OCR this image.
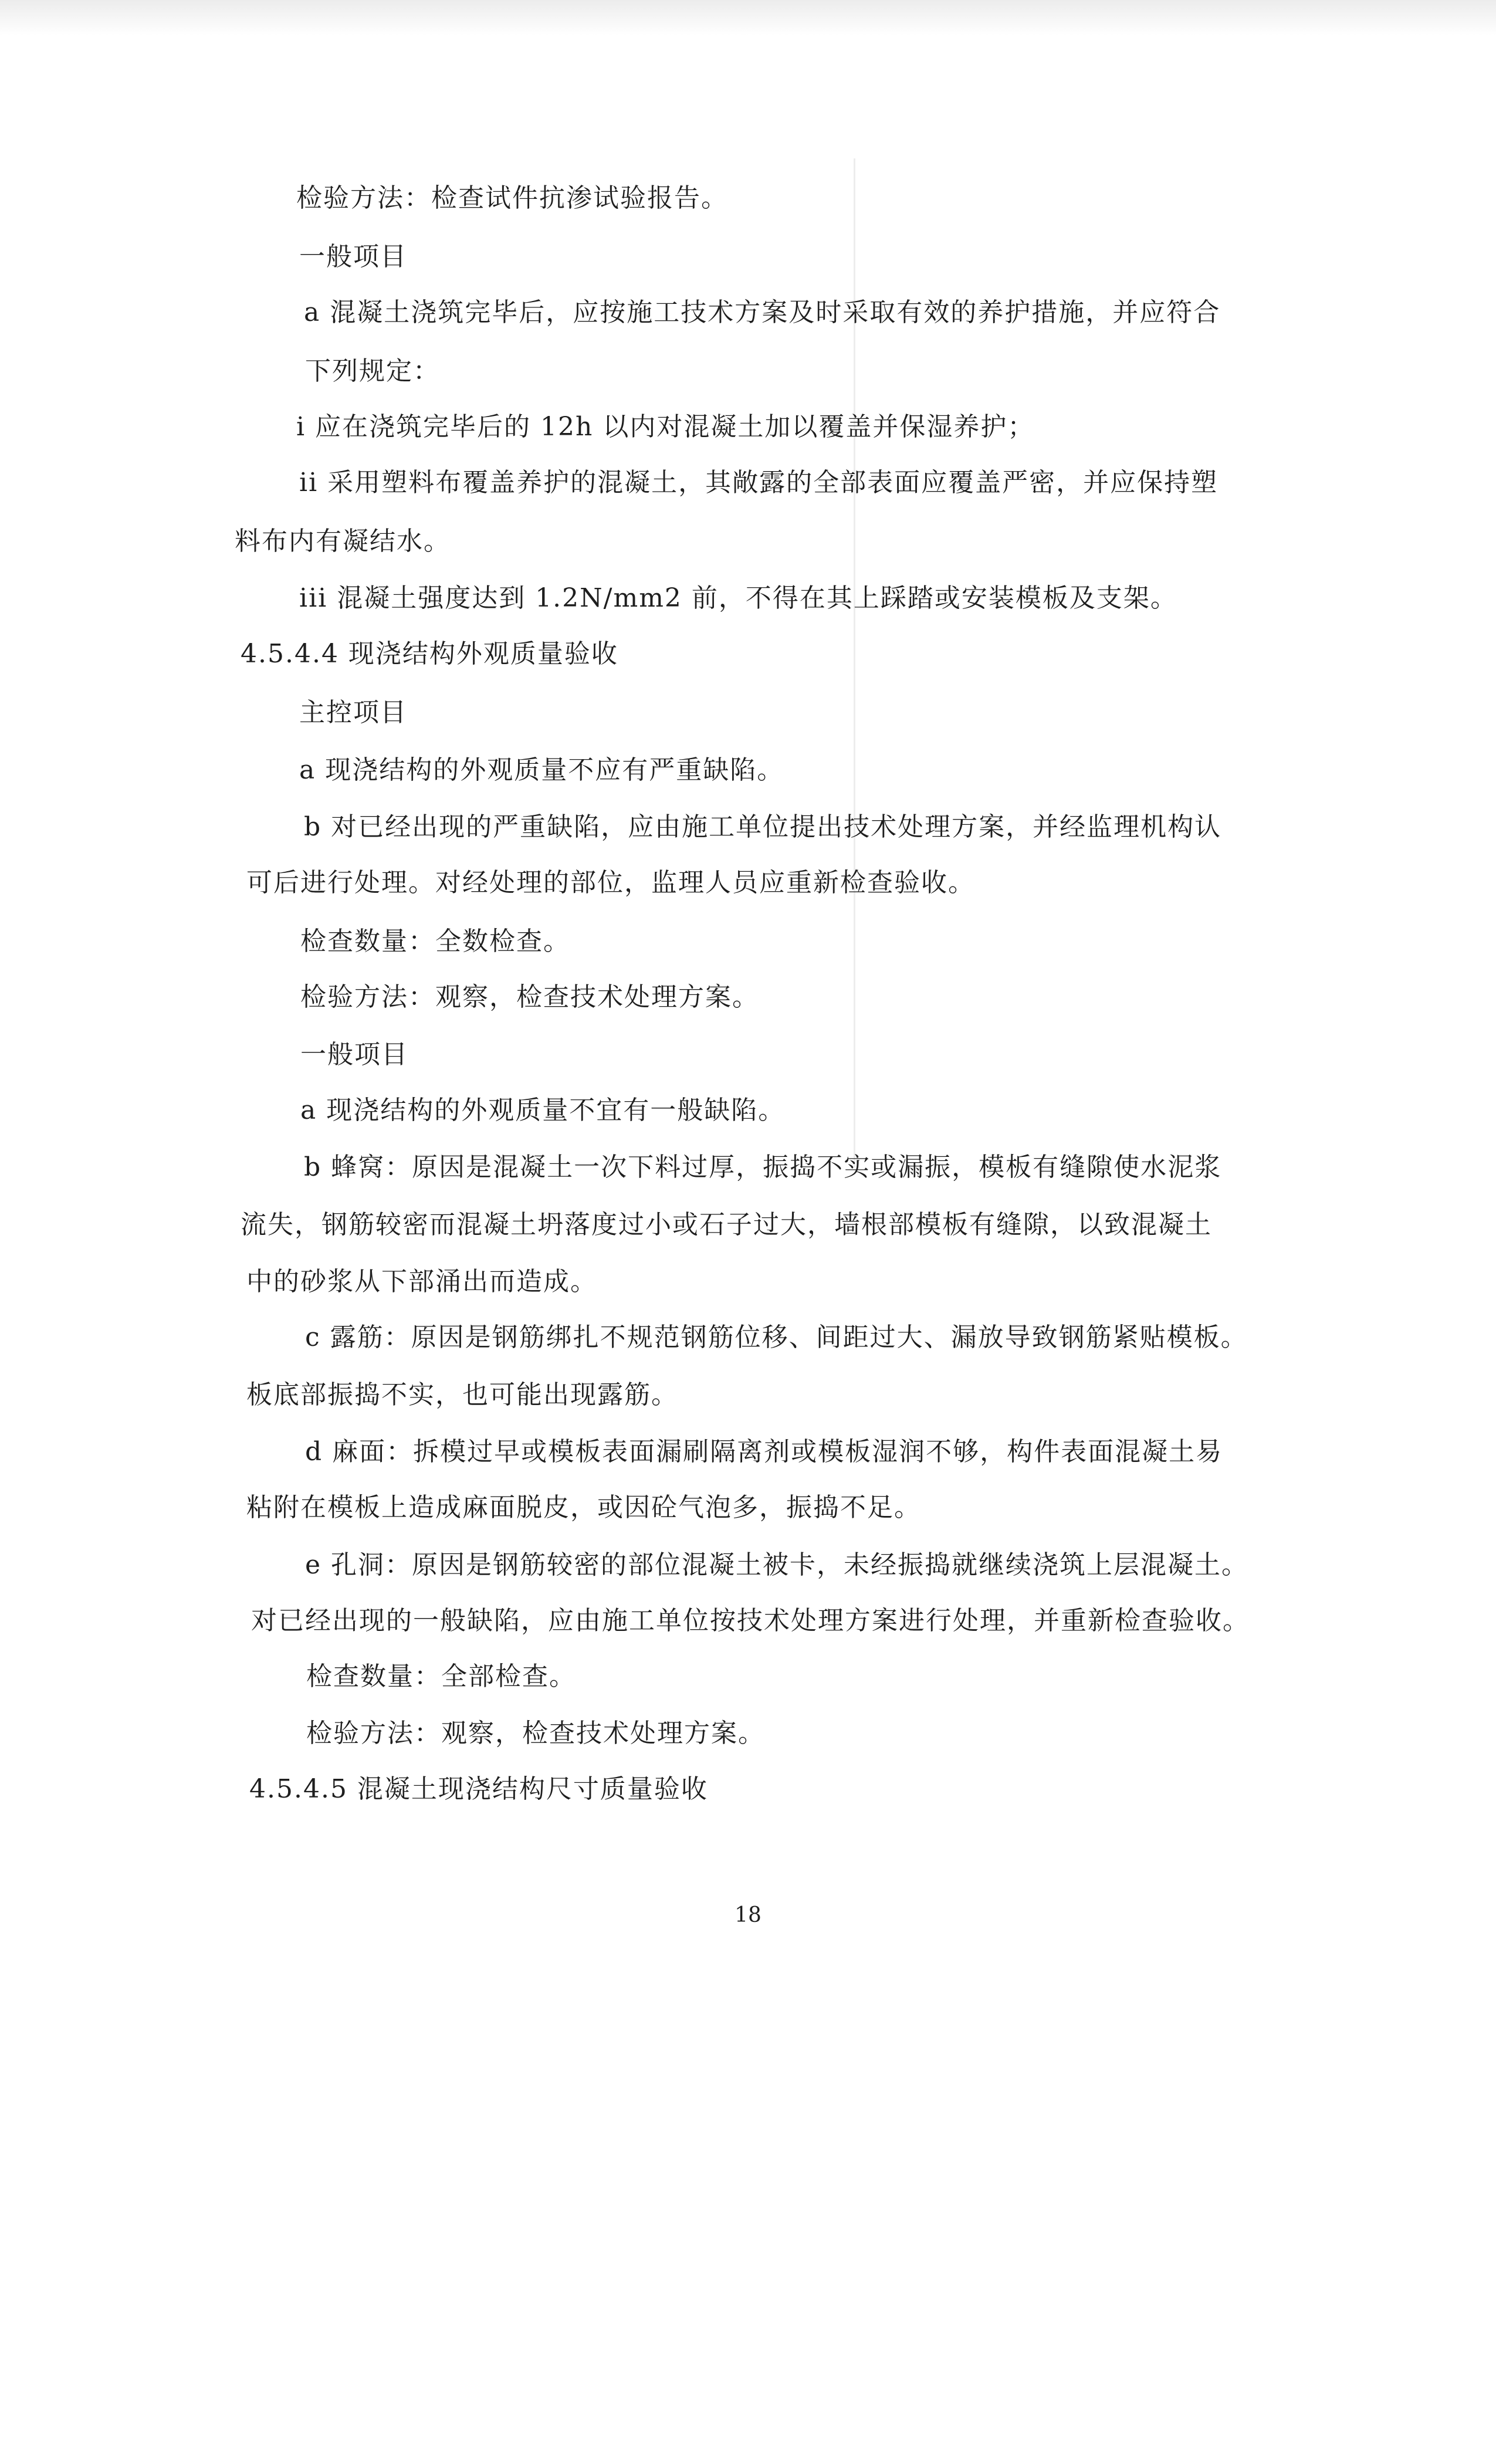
检验方法：检查试件抗渗试验报告。
一般项目
a 混凝土浇筑完毕后，应按施工技术方案及时采取有效的养护措施，并应符合
下列规定：
i 应在浇筑完毕后的 12h 以内对混凝土加以覆盖并保湿养护；
ii 采用塑料布覆盖养护的混凝土，其敞露的全部表面应覆盖严密，并应保持塑
料布内有凝结水。
iii 混凝土强度达到 1.2N/mm2 前，不得在其上踩踏或安装模板及支架。
4.5.4.4 现浇结构外观质量验收
主控项目
a 现浇结构的外观质量不应有严重缺陷。
b 对已经出现的严重缺陷，应由施工单位提出技术处理方案，并经监理机构认
可后进行处理。对经处理的部位，监理人员应重新检查验收。
检查数量：全数检查。
检验方法：观察，检查技术处理方案。
一般项目
a 现浇结构的外观质量不宜有一般缺陷。
b 蜂窝：原因是混凝土一次下料过厚，振捣不实或漏振，模板有缝隙使水泥浆
流失，钢筋较密而混凝土坍落度过小或石子过大，墙根部模板有缝隙，以致混凝土
中的砂浆从下部涌出而造成。
c 露筋：原因是钢筋绑扎不规范钢筋位移、间距过大、漏放导致钢筋紧贴模板。
板底部振捣不实，也可能出现露筋。
d 麻面：拆模过早或模板表面漏刷隔离剂或模板湿润不够，构件表面混凝土易
粘附在模板上造成麻面脱皮，或因砼气泡多，振捣不足。
e 孔洞：原因是钢筋较密的部位混凝土被卡，未经振捣就继续浇筑上层混凝土。
对已经出现的一般缺陷，应由施工单位按技术处理方案进行处理，并重新检查验收。
检查数量：全部检查。
检验方法：观察，检查技术处理方案。
4.5.4.5 混凝土现浇结构尺寸质量验收
18
